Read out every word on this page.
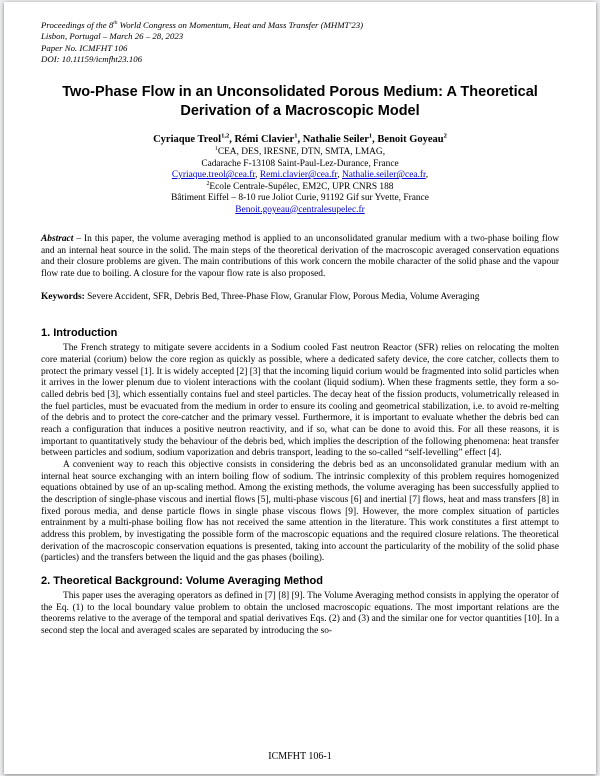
Proceedings of the 8th World Congress on Momentum, Heat and Mass Transfer (MHMT'23)
Lisbon, Portugal – March 26 – 28, 2023
Paper No. ICMFHT 106
DOI: 10.11159/icmfht23.106
Two-Phase Flow in an Unconsolidated Porous Medium: A Theoretical Derivation of a Macroscopic Model
Cyriaque Treol$^{1,2}$, Rémi Clavier$^1$, Nathalie Seiler$^1$, Benoit Goyeau$^2$
$^1$CEA, DES, IRESNE, DTN, SMTA, LMAG,
Cadarache F-13108 Saint-Paul-Lez-Durance, France
Cyriaque.treol@cea.fr, Remi.clavier@cea.fr, Nathalie.seiler@cea.fr,
$^2$Ecole Centrale-Supélec, EM2C, UPR CNRS 188
Bâtiment Eiffel – 8-10 rue Joliot Curie, 91192 Gif sur Yvette, France
Benoit.goyeau@centralesupelec.fr

Abstract – In this paper, the volume averaging method is applied to an unconsolidated granular medium with a two-phase boiling flow and an internal heat source in the solid. The main steps of the theoretical derivation of the macroscopic averaged conservation equations and their closure problems are given. The main contributions of this work concern the mobile character of the solid phase and the vapour flow rate due to boiling. A closure for the vapour flow rate is also proposed.

Keywords: Severe Accident, SFR, Debris Bed, Three-Phase Flow, Granular Flow, Porous Media, Volume Averaging

1. Introduction

The French strategy to mitigate severe accidents in a Sodium cooled Fast neutron Reactor (SFR) relies on relocating the molten core material (corium) below the core region as quickly as possible, where a dedicated safety device, the core catcher, collects them to protect the primary vessel [1]. It is widely accepted [2] [3] that the incoming liquid corium would be fragmented into solid particles when it arrives in the lower plenum due to violent interactions with the coolant (liquid sodium). When these fragments settle, they form a so-called debris bed [3], which essentially contains fuel and steel particles. The decay heat of the fission products, volumetrically released in the fuel particles, must be evacuated from the medium in order to ensure its cooling and geometrical stabilization, i.e. to avoid re-melting of the debris and to protect the core-catcher and the primary vessel. Furthermore, it is important to evaluate whether the debris bed can reach a configuration that induces a positive neutron reactivity, and if so, what can be done to avoid this. For all these reasons, it is important to quantitatively study the behaviour of the debris bed, which implies the description of the following phenomena: heat transfer between particles and sodium, sodium vaporization and debris transport, leading to the so-called “self-levelling” effect [4].

A convenient way to reach this objective consists in considering the debris bed as an unconsolidated granular medium with an internal heat source exchanging with an intern boiling flow of sodium. The intrinsic complexity of this problem requires homogenized equations obtained by use of an up-scaling method. Among the existing methods, the volume averaging has been successfully applied to the description of single-phase viscous and inertial flows [5], multi-phase viscous [6] and inertial [7] flows, heat and mass transfers [8] in fixed porous media, and dense particle flows in single phase viscous flows [9]. However, the more complex situation of particles entrainment by a multi-phase boiling flow has not received the same attention in the literature. This work constitutes a first attempt to address this problem, by investigating the possible form of the macroscopic equations and the required closure relations. The theoretical derivation of the macroscopic conservation equations is presented, taking into account the particularity of the mobility of the solid phase (particles) and the transfers between the liquid and the gas phases (boiling).

2. Theoretical Background: Volume Averaging Method

This paper uses the averaging operators as defined in [7] [8] [9]. The Volume Averaging method consists in applying the operator of the Eq. (1) to the local boundary value problem to obtain the unclosed macroscopic equations. The most important relations are the theorems relative to the average of the temporal and spatial derivatives Eqs. (2) and (3) and the similar one for vector quantities [10]. In a second step the local and averaged scales are separated by introducing the so-

ICMFHT 106-1
